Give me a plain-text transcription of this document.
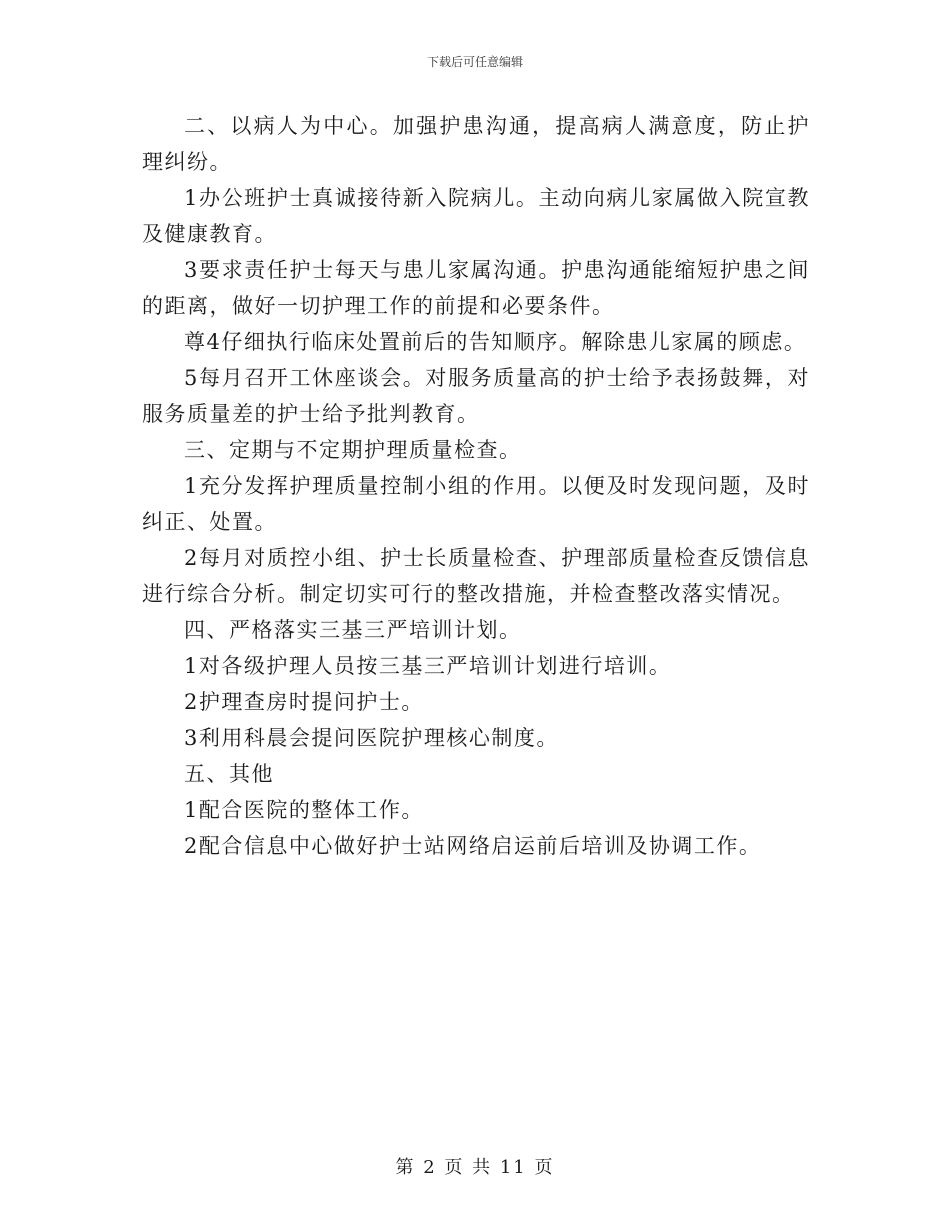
下载后可任意编辑

二、以病人为中心。加强护患沟通，提高病人满意度，防止护理纠纷。

1办公班护士真诚接待新入院病儿。主动向病儿家属做入院宣教及健康教育。

3要求责任护士每天与患儿家属沟通。护患沟通能缩短护患之间的距离，做好一切护理工作的前提和必要条件。

尊4仔细执行临床处置前后的告知顺序。解除患儿家属的顾虑。

5每月召开工休座谈会。对服务质量高的护士给予表扬鼓舞，对服务质量差的护士给予批判教育。

三、定期与不定期护理质量检查。

1充分发挥护理质量控制小组的作用。以便及时发现问题，及时纠正、处置。

2每月对质控小组、护士长质量检查、护理部质量检查反馈信息进行综合分析。制定切实可行的整改措施，并检查整改落实情况。

四、严格落实三基三严培训计划。

1对各级护理人员按三基三严培训计划进行培训。

2护理查房时提问护士。

3利用科晨会提问医院护理核心制度。

五、其他

1配合医院的整体工作。

2配合信息中心做好护士站网络启运前后培训及协调工作。

第 2 页 共 11 页
